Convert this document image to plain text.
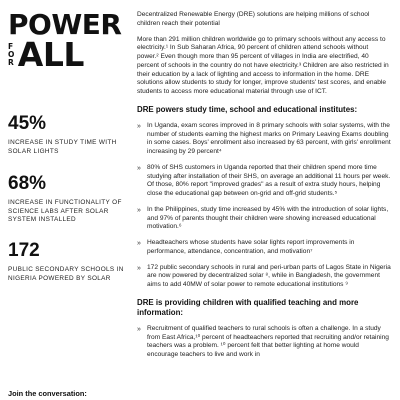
POWER
F
O
R ALL
45%
INCREASE IN STUDY TIME WITH SOLAR LIGHTS
68%
INCREASE IN FUNCTIONALITY OF SCIENCE LABS AFTER SOLAR SYSTEM INSTALLED
172
PUBLIC SECONDARY SCHOOLS IN NIGERIA POWERED BY SOLAR
Join the conversation:

Decentralized Renewable Energy (DRE) solutions are helping millions of school children reach their potential

More than 291 million children worldwide go to primary schools without any access to electricity.¹ In Sub Saharan Africa, 90 percent of children attend schools without power.² Even though more than 95 percent of villages in India are electrified, 40 percent of schools in the country do not have electricity.³ Children are also restricted in their education by a lack of lighting and access to information in the home. DRE solutions allow students to study for longer, improve students' test scores, and enable students to access more educational material through use of ICT.

DRE powers study time, school and educational institutes:
» In Uganda, exam scores improved in 8 primary schools with solar systems, with the number of students earning the highest marks on Primary Leaving Exams doubling in some cases. Boys' enrollment also increased by 63 percent, with girls' enrollment increasing by 29 percent⁴
» 80% of SHS customers in Uganda reported that their children spend more time studying after installation of their SHS, on average an additional 11 hours per week. Of those, 80% report "improved grades" as a result of extra study hours, helping close the educational gap between on-grid and off-grid students.⁵
» In the Philippines, study time increased by 45% with the introduction of solar lights, and 97% of parents thought their children were showing increased educational motivation.⁶
» Headteachers whose students have solar lights report improvements in performance, attendance, concentration, and motivation⁷
» 172 public secondary schools in rural and peri-urban parts of Lagos State in Nigeria are now powered by decentralized solar ⁸, while in Bangladesh, the government aims to add 40MW of solar power to remote educational institutions ⁹
DRE is providing children with qualified teaching and more information:
» Recruitment of qualified teachers to rural schools is often a challenge. In a study from East Africa,¹⁰ percent of headteachers reported that recruiting and/or retaining teachers was a problem. ¹⁰ percent felt that better lighting at home would encourage teachers to live and work in
